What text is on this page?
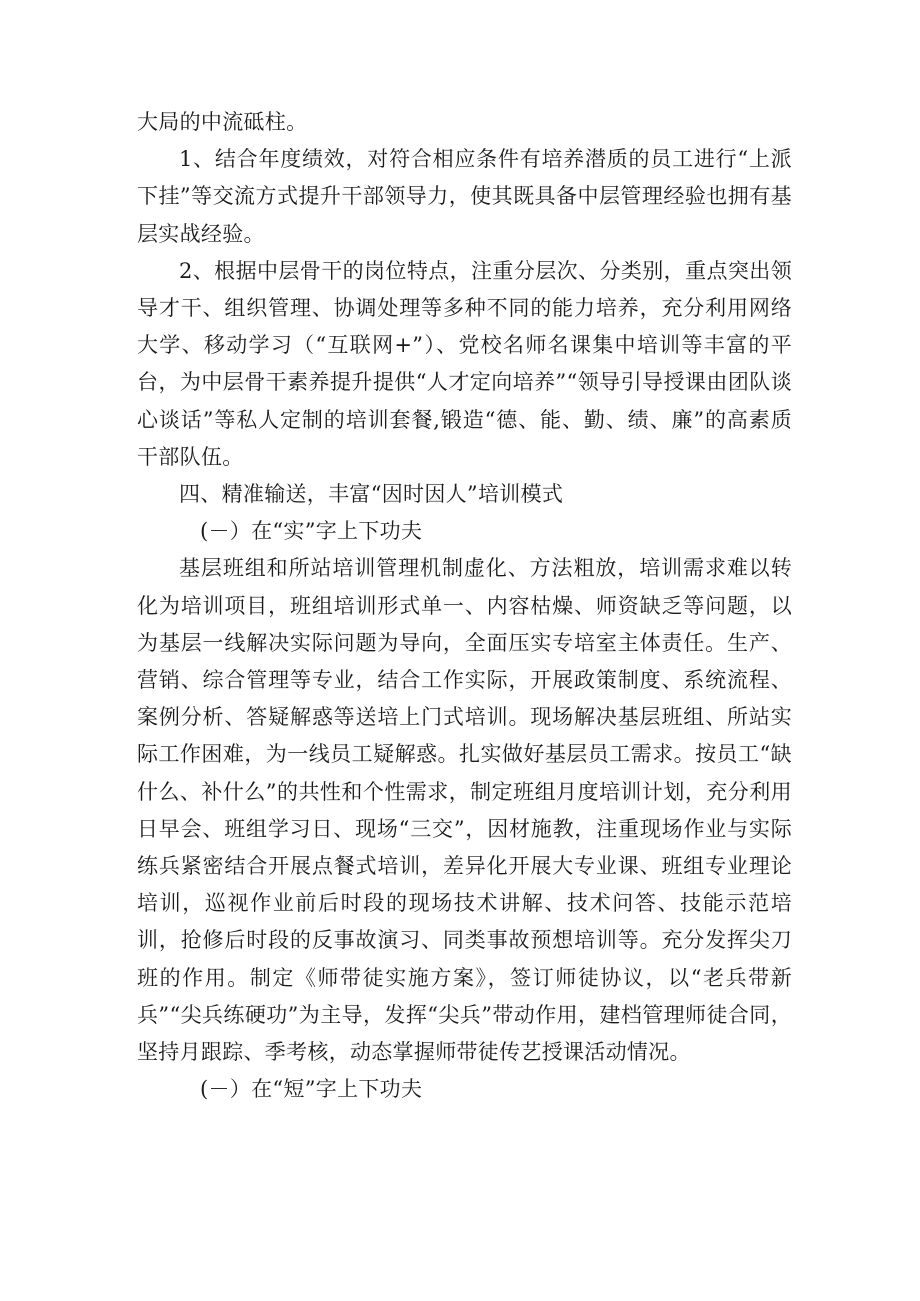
大局的中流砥柱。

1、结合年度绩效，对符合相应条件有培养潜质的员工进行“上派下挂”等交流方式提升干部领导力，使其既具备中层管理经验也拥有基层实战经验。

2、根据中层骨干的岗位特点，注重分层次、分类别，重点突出领导才干、组织管理、协调处理等多种不同的能力培养，充分利用网络大学、移动学习（“互联网+”）、党校名师名课集中培训等丰富的平台，为中层骨干素养提升提供“人才定向培养”“领导引导授课由团队谈心谈话”等私人定制的培训套餐,锻造“德、能、勤、绩、廉”的高素质干部队伍。

四、精准输送，丰富“因时因人”培训模式

(－）在“实”字上下功夫

基层班组和所站培训管理机制虚化、方法粗放，培训需求难以转化为培训项目，班组培训形式单一、内容枯燥、师资缺乏等问题，以为基层一线解决实际问题为导向，全面压实专培室主体责任。生产、营销、综合管理等专业，结合工作实际，开展政策制度、系统流程、案例分析、答疑解惑等送培上门式培训。现场解决基层班组、所站实际工作困难，为一线员工疑解惑。扎实做好基层员工需求。按员工“缺什么、补什么”的共性和个性需求，制定班组月度培训计划，充分利用日早会、班组学习日、现场“三交”，因材施教，注重现场作业与实际练兵紧密结合开展点餐式培训，差异化开展大专业课、班组专业理论培训，巡视作业前后时段的现场技术讲解、技术问答、技能示范培训，抢修后时段的反事故演习、同类事故预想培训等。充分发挥尖刀班的作用。制定《师带徒实施方案》，签订师徒协议，以“老兵带新兵”“尖兵练硬功”为主导，发挥“尖兵”带动作用，建档管理师徒合同，坚持月跟踪、季考核，动态掌握师带徒传艺授课活动情况。

(－）在“短”字上下功夫
